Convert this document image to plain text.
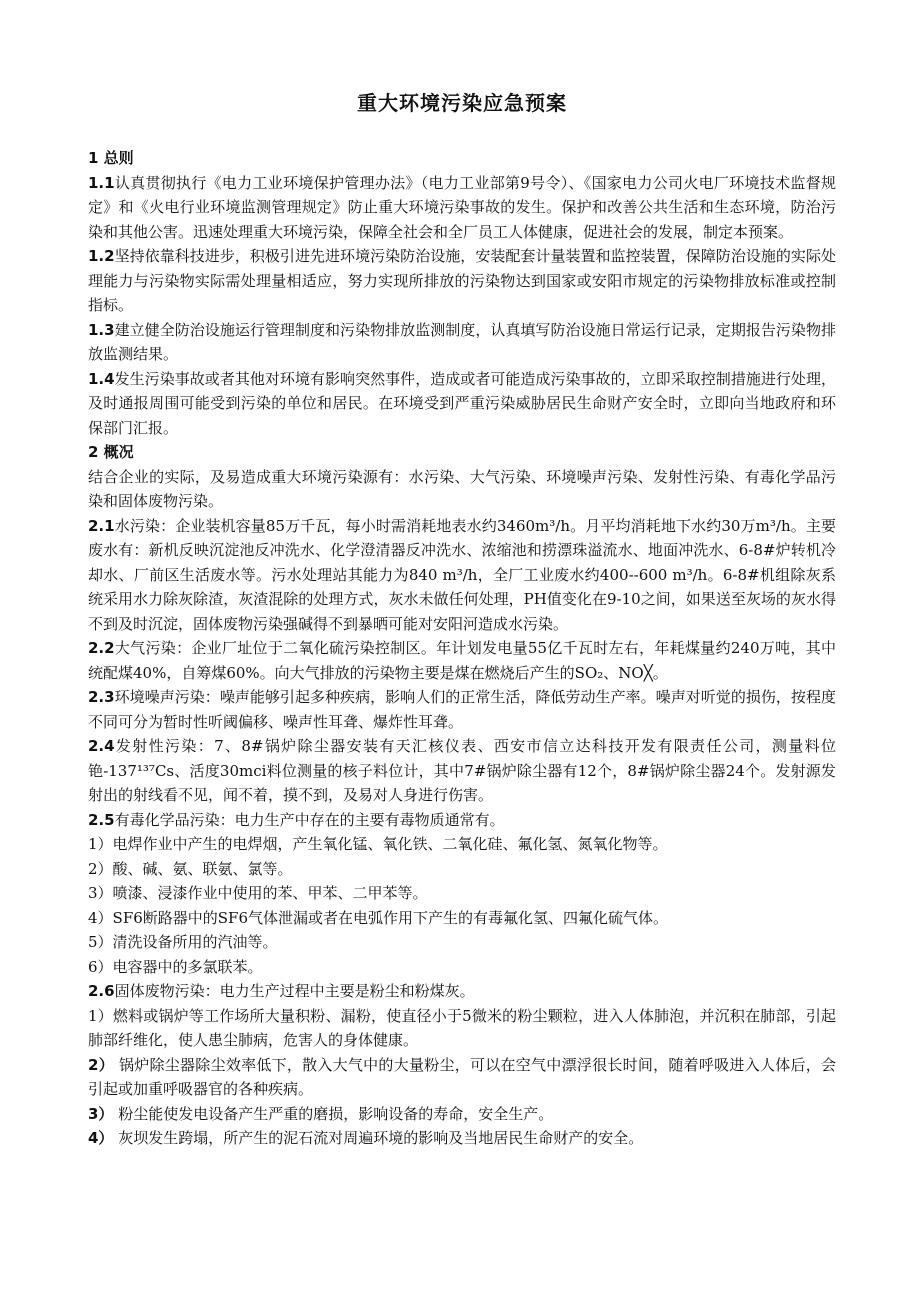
重大环境污染应急预案
1 总则

1.1认真贯彻执行《电力工业环境保护管理办法》（电力工业部第9号令）、《国家电力公司火电厂环境技术监督规定》和《火电行业环境监测管理规定》防止重大环境污染事故的发生。保护和改善公共生活和生态环境，防治污染和其他公害。迅速处理重大环境污染，保障全社会和全厂员工人体健康，促进社会的发展，制定本预案。

1.2坚持依靠科技进步，积极引进先进环境污染防治设施，安装配套计量装置和监控装置，保障防治设施的实际处理能力与污染物实际需处理量相适应，努力实现所排放的污染物达到国家或安阳市规定的污染物排放标准或控制指标。

1.3建立健全防治设施运行管理制度和污染物排放监测制度，认真填写防治设施日常运行记录，定期报告污染物排放监测结果。

1.4发生污染事故或者其他对环境有影响突然事件，造成或者可能造成污染事故的，立即采取控制措施进行处理，及时通报周围可能受到污染的单位和居民。在环境受到严重污染威胁居民生命财产安全时，立即向当地政府和环保部门汇报。

2 概况

结合企业的实际，及易造成重大环境污染源有：水污染、大气污染、环境噪声污染、发射性污染、有毒化学品污染和固体废物污染。

2.1水污染：企业装机容量85万千瓦，每小时需消耗地表水约3460m³/h。月平均消耗地下水约30万m³/h。主要废水有：新机反映沉淀池反冲洗水、化学澄清器反冲洗水、浓缩池和捞漂珠溢流水、地面冲洗水、6-8#炉转机冷却水、厂前区生活废水等。污水处理站其能力为840 m³/h，全厂工业废水约400--600 m³/h。6-8#机组除灰系统采用水力除灰除渣，灰渣混除的处理方式，灰水未做任何处理，PH值变化在9-10之间，如果送至灰场的灰水得不到及时沉淀，固体废物污染强碱得不到暴晒可能对安阳河造成水污染。

2.2大气污染：企业厂址位于二氧化硫污染控制区。年计划发电量55亿千瓦时左右，年耗煤量约240万吨，其中统配煤40%，自筹煤60%。向大气排放的污染物主要是煤在燃烧后产生的SO₂、NO╳。

2.3环境噪声污染：噪声能够引起多种疾病，影响人们的正常生活，降低劳动生产率。噪声对听觉的损伤，按程度不同可分为暂时性听阈偏移、噪声性耳聋、爆炸性耳聋。

2.4发射性污染：7、8#锅炉除尘器安装有天汇核仪表、西安市信立达科技开发有限责任公司，测量料位铯-137¹³⁷Cs、活度30mci料位测量的核子料位计，其中7#锅炉除尘器有12个，8#锅炉除尘器24个。发射源发射出的射线看不见，闻不着，摸不到，及易对人身进行伤害。

2.5有毒化学品污染：电力生产中存在的主要有毒物质通常有。

1）电焊作业中产生的电焊烟，产生氧化锰、氧化铁、二氧化硅、氟化氢、氮氧化物等。

2）酸、碱、氨、联氨、氯等。

3）喷漆、浸漆作业中使用的苯、甲苯、二甲苯等。

4）SF6断路器中的SF6气体泄漏或者在电弧作用下产生的有毒氟化氢、四氟化硫气体。

5）清洗设备所用的汽油等。

6）电容器中的多氯联苯。

2.6固体废物污染：电力生产过程中主要是粉尘和粉煤灰。

1）燃料或锅炉等工作场所大量积粉、漏粉，使直径小于5微米的粉尘颗粒，进入人体肺泡，并沉积在肺部，引起肺部纤维化，使人患尘肺病，危害人的身体健康。

2） 锅炉除尘器除尘效率低下，散入大气中的大量粉尘，可以在空气中漂浮很长时间，随着呼吸进入人体后，会引起或加重呼吸器官的各种疾病。

3） 粉尘能使发电设备产生严重的磨损，影响设备的寿命，安全生产。

4） 灰坝发生跨塌，所产生的泥石流对周遍环境的影响及当地居民生命财产的安全。
